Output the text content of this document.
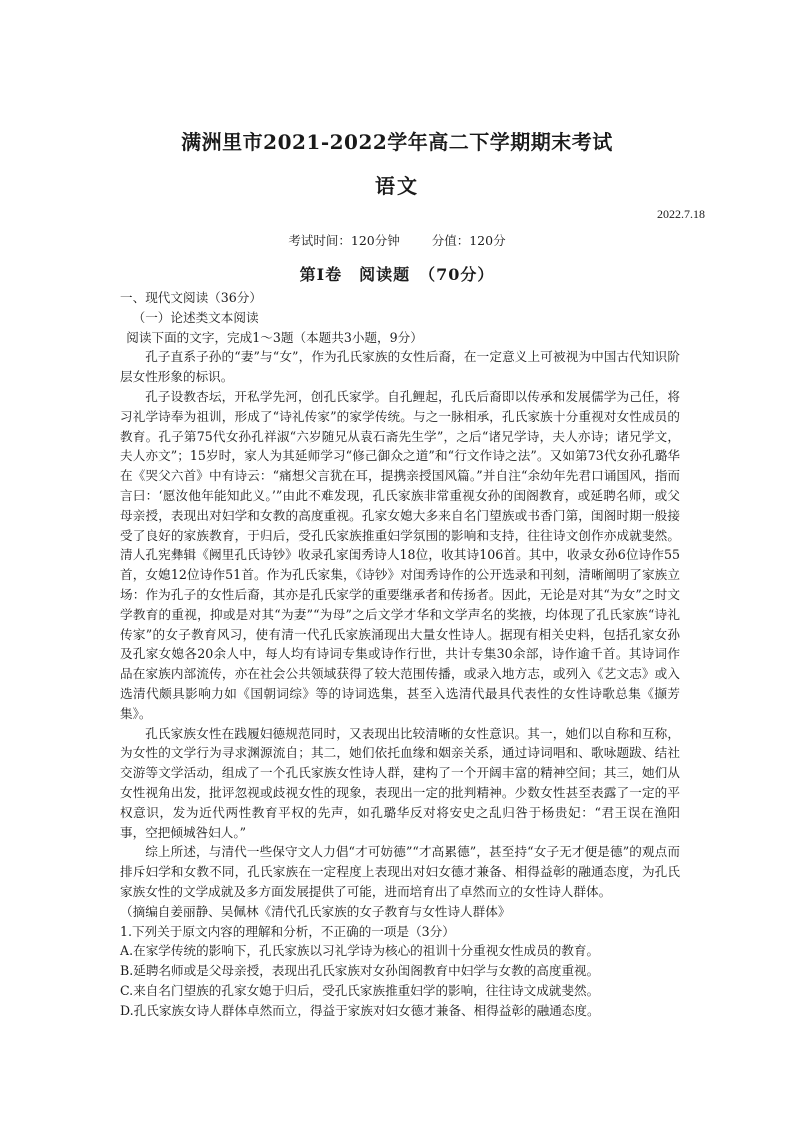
满洲里市2021-2022学年高二下学期期末考试
语文
2022.7.18
考试时间：120分钟	分值：120分
第I卷　阅读题　（70分）

一、现代文阅读（36分）

（一）论述类文本阅读

阅读下面的文字，完成1～3题（本题共3小题，9分）

孔子直系子孙的“妻”与“女”，作为孔氏家族的女性后裔，在一定意义上可被视为中国古代知识阶层女性形象的标识。

孔子设教杏坛，开私学先河，创孔氏家学。自孔鲤起，孔氏后裔即以传承和发展儒学为己任，将习礼学诗奉为祖训，形成了“诗礼传家”的家学传统。与之一脉相承，孔氏家族十分重视对女性成员的教育。孔子第75代女孙孔祥淑“六岁随兄从袁石斋先生学”，之后“诸兄学诗，夫人亦诗；诸兄学文，夫人亦文”；15岁时，家人为其延师学习“修己御众之道”和“行文作诗之法”。又如第73代女孙孔璐华在《哭父六首》中有诗云：“痛想父言犹在耳，提携亲授国风篇。”并自注“余幼年先君口诵国风，指而言曰：‘愿汝他年能知此义。’”由此不难发现，孔氏家族非常重视女孙的闺阁教育，或延聘名师，或父母亲授，表现出对妇学和女教的高度重视。孔家女媳大多来自名门望族或书香门第，闺阁时期一般接受了良好的家族教育，于归后，受孔氏家族推重妇学氛围的影响和支持，往往诗文创作亦成就斐然。清人孔宪彝辑《阙里孔氏诗钞》收录孔家闺秀诗人18位，收其诗106首。其中，收录女孙6位诗作55首，女媳12位诗作51首。作为孔氏家集，《诗钞》对闺秀诗作的公开选录和刊刻，清晰阐明了家族立场：作为孔子的女性后裔，其亦是孔氏家学的重要继承者和传扬者。因此，无论是对其“为女”之时文学教育的重视，抑或是对其“为妻”“为母”之后文学才华和文学声名的奖掖，均体现了孔氏家族“诗礼传家”的女子教育风习，使有清一代孔氏家族涌现出大量女性诗人。据现有相关史料，包括孔家女孙及孔家女媳各20余人中，每人均有诗词专集或诗作行世，共计专集30余部，诗作逾千首。其诗词作品在家族内部流传，亦在社会公共领域获得了较大范围传播，或录入地方志，或列入《艺文志》或入选清代颇具影响力如《国朝词综》等的诗词选集，甚至入选清代最具代表性的女性诗歌总集《撷芳集》。

孔氏家族女性在践履妇德规范同时，又表现出比较清晰的女性意识。其一，她们以自称和互称，为女性的文学行为寻求渊源流自；其二，她们依托血缘和姻亲关系，通过诗词唱和、歌咏题跋、结社交游等文学活动，组成了一个孔氏家族女性诗人群，建构了一个开阔丰富的精神空间；其三，她们从女性视角出发，批评忽视或歧视女性的现象，表现出一定的批判精神。少数女性甚至表露了一定的平权意识，发为近代两性教育平权的先声，如孔璐华反对将安史之乱归咎于杨贵妃：“君王误在渔阳事，空把倾城咎妇人。”

综上所述，与清代一些保守文人力倡“才可妨德”“才高累德”，甚至持“女子无才便是德”的观点而排斥妇学和女教不同，孔氏家族在一定程度上表现出对妇女德才兼备、相得益彰的融通态度，为孔氏家族女性的文学成就及多方面发展提供了可能，进而培育出了卓然而立的女性诗人群体。

（摘编自姜丽静、吴佩林《清代孔氏家族的女子教育与女性诗人群体》

1.下列关于原文内容的理解和分析，不正确的一项是（3分）

A.在家学传统的影响下，孔氏家族以习礼学诗为核心的祖训十分重视女性成员的教育。

B.延聘名师或是父母亲授，表现出孔氏家族对女孙闺阁教育中妇学与女教的高度重视。

C.来自名门望族的孔家女媳于归后，受孔氏家族推重妇学的影响，往往诗文成就斐然。

D.孔氏家族女诗人群体卓然而立，得益于家族对妇女德才兼备、相得益彰的融通态度。
